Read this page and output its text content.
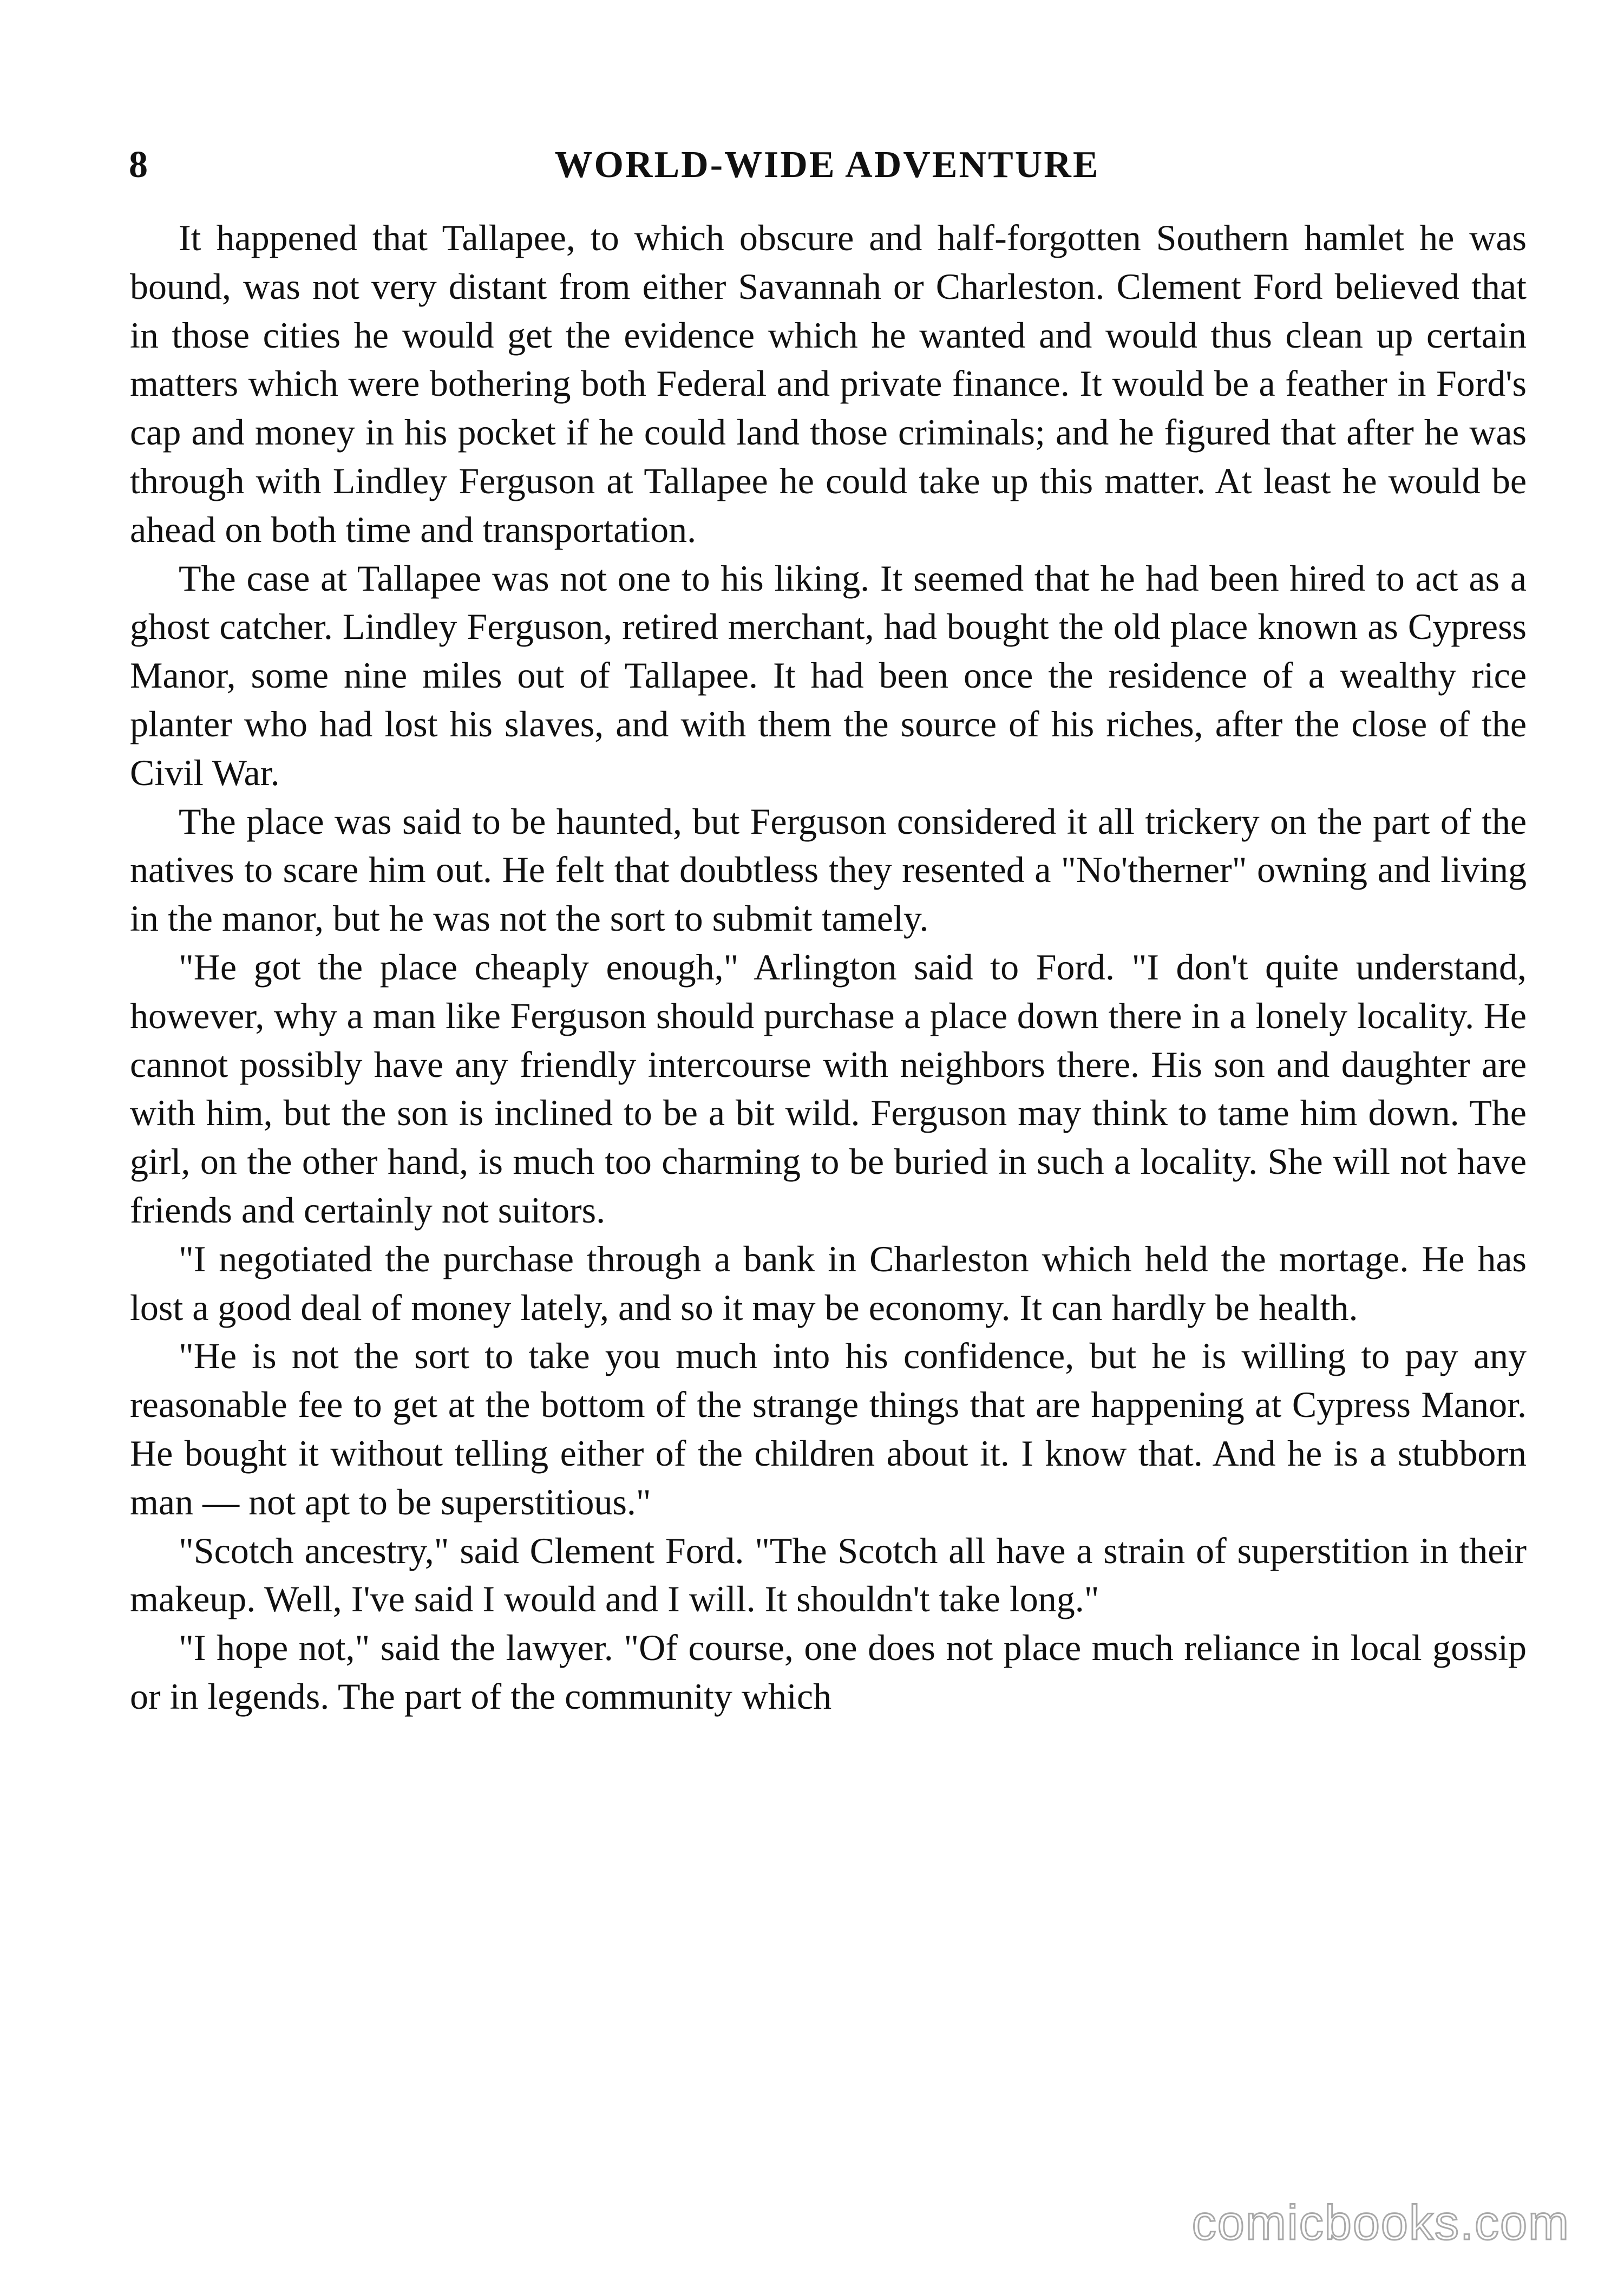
8	WORLD-WIDE ADVENTURE

It happened that Tallapee, to which obscure and half-forgotten Southern hamlet he was bound, was not very distant from either Savannah or Charleston. Clement Ford believed that in those cities he would get the evidence which he wanted and would thus clean up certain matters which were bothering both Federal and private finance. It would be a feather in Ford's cap and money in his pocket if he could land those criminals; and he figured that after he was through with Lindley Ferguson at Tallapee he could take up this matter. At least he would be ahead on both time and transportation.

The case at Tallapee was not one to his liking. It seemed that he had been hired to act as a ghost catcher. Lindley Ferguson, retired merchant, had bought the old place known as Cypress Manor, some nine miles out of Tallapee. It had been once the residence of a wealthy rice planter who had lost his slaves, and with them the source of his riches, after the close of the Civil War.

The place was said to be haunted, but Ferguson considered it all trickery on the part of the natives to scare him out. He felt that doubtless they resented a "No'therner" owning and living in the manor, but he was not the sort to submit tamely.

"He got the place cheaply enough," Arlington said to Ford. "I don't quite understand, however, why a man like Ferguson should purchase a place down there in a lonely locality. He cannot possibly have any friendly intercourse with neighbors there. His son and daughter are with him, but the son is inclined to be a bit wild. Ferguson may think to tame him down. The girl, on the other hand, is much too charming to be buried in such a locality. She will not have friends and certainly not suitors.

"I negotiated the purchase through a bank in Charleston which held the mortage. He has lost a good deal of money lately, and so it may be economy. It can hardly be health.

"He is not the sort to take you much into his confidence, but he is willing to pay any reasonable fee to get at the bottom of the strange things that are happening at Cypress Manor. He bought it without telling either of the children about it. I know that. And he is a stubborn man — not apt to be superstitious."

"Scotch ancestry," said Clement Ford. "The Scotch all have a strain of superstition in their makeup. Well, I've said I would and I will. It shouldn't take long."

"I hope not," said the lawyer. "Of course, one does not place much reliance in local gossip or in legends. The part of the community which

comicbooks.com
